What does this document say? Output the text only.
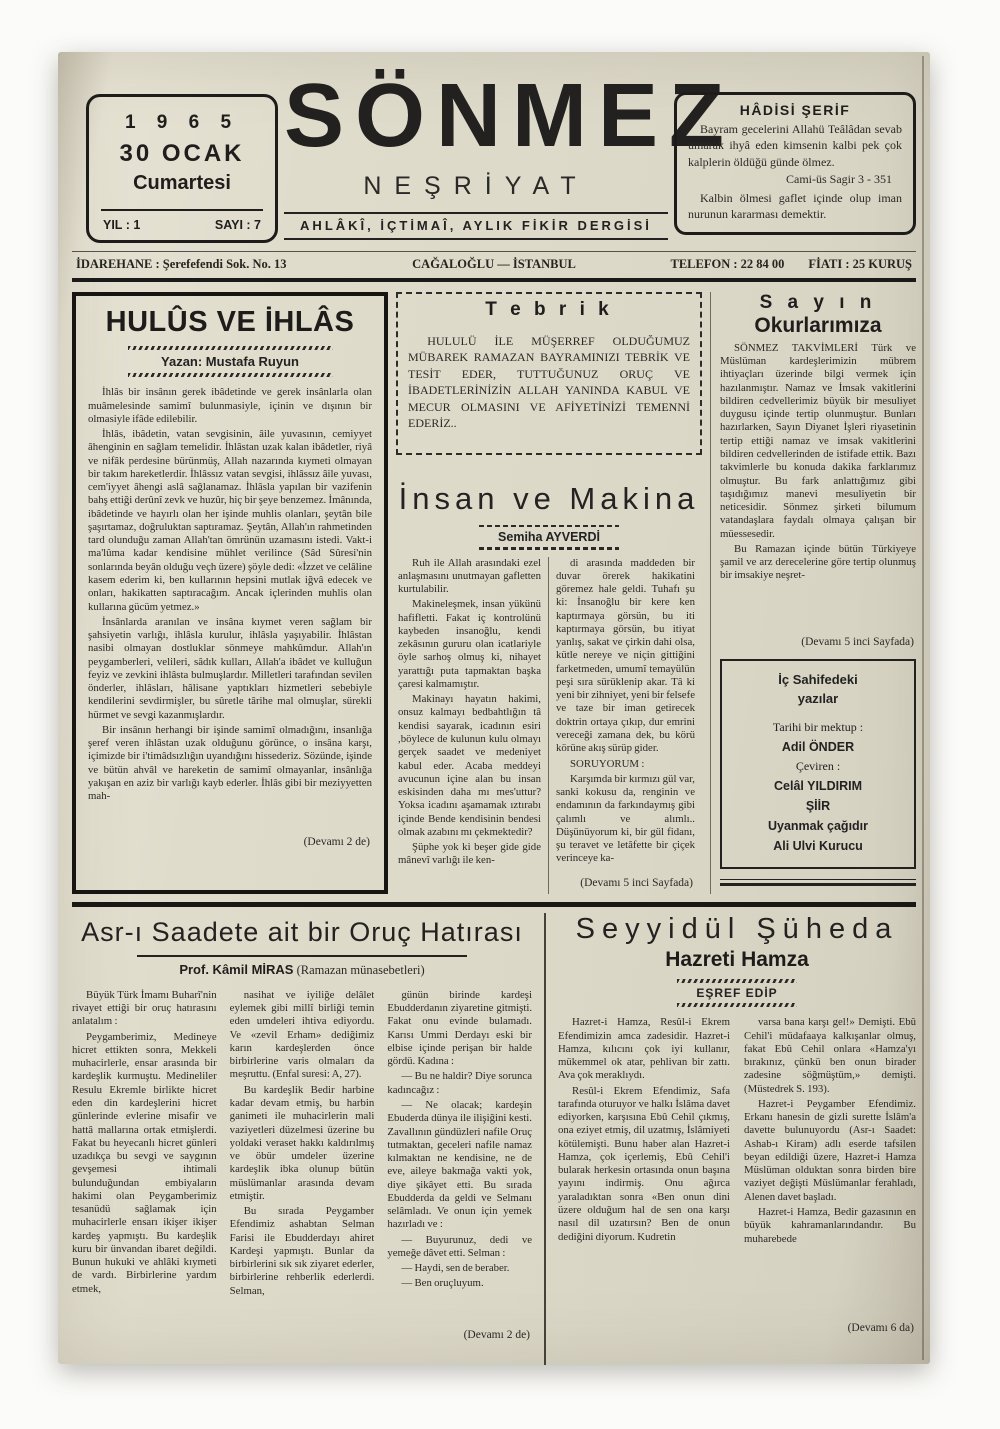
1 9 6 5
30 OCAK
Cumartesi
YIL : 1	SAYI : 7
SÖNMEZ
NEŞRİYAT
AHLÂKÎ, İÇTİMAÎ, AYLIK FİKİR DERGİSİ
HÂDİSİ ŞERİF

Bayram gecelerini Allahü Teâlâdan sevab umarak ihyâ eden kimsenin kalbi pek çok kalplerin öldüğü günde ölmez.

Cami-üs Sagir 3 - 351

Kalbin ölmesi gaflet içinde olup iman nurunun kararması demektir.

İDAREHANE : Şerefefendi Sok. No. 13	CAĞALOĞLU — İSTANBUL	TELEFON : 22 84 00 FİATI : 25 KURUŞ
HULÛS VE İHLÂS
Yazan: Mustafa Ruyun

İhlâs bir insânın gerek ibâdetinde ve gerek insânlarla olan muâmelesinde samimî bulunmasiyle, içinin ve dışının bir olmasiyle ifâde edilebilir.

İhlâs, ibâdetin, vatan sevgisinin, âile yuvasının, cemiyyet âhenginin en sağlam temelidir. İhlâstan uzak kalan ibâdetler, riyâ ve nifâk perdesine bürünmüş, Allah nazarında kıymeti olmayan bir takım hareketlerdir. İhlâssız vatan sevgisi, ihlâssız âile yuvası, cem'iyyet âhengi aslâ sağlanamaz. İhlâsla yapılan bir vazifenin bahş ettiği derûnî zevk ve huzûr, hiç bir şeye benzemez. İmânında, ibâdetinde ve hayırlı olan her işinde muhlis olanları, şeytân bile şaşırtamaz, doğruluktan saptıramaz. Şeytân, Allah'ın rahmetinden tard olunduğu zaman Allah'tan ömrünün uzamasını istedi. Vakt-i ma'lûma kadar kendisine mühlet verilince (Sâd Sûresi'nin sonlarında beyân olduğu veçh üzere) şöyle dedi: «İzzet ve celâline kasem ederim ki, ben kullarının hepsini mutlak iğvâ edecek ve onları, hakikatten saptıracağım. Ancak içlerinden muhlis olan kullarına gücüm yetmez.»

İnsânlarda aranılan ve insâna kıymet veren sağlam bir şahsiyetin varlığı, ihlâsla kurulur, ihlâsla yaşıyabilir. İhlâstan nasibi olmayan dostluklar sönmeye mahkûmdur. Allah'ın peygamberleri, velileri, sâdık kulları, Allah'a ibâdet ve kulluğun feyiz ve zevkini ihlâsta bulmuşlardır. Milletleri tarafından sevilen önderler, ihlâsları, hâlisane yaptıkları hizmetleri sebebiyle kendilerini sevdirmişler, bu sûretle târihe mal olmuşlar, sürekli hürmet ve sevgi kazanmışlardır.

Bir insânın herhangi bir işinde samimî olmadığını, insanlığa şeref veren ihlâstan uzak olduğunu görünce, o insâna karşı, içimizde bir i'timâdsızlığın uyandığını hissederiz. Sözünde, işinde ve bütün ahvâl ve hareketin de samimî olmayanlar, insânlığa yakışan en aziz bir varlığı kayb ederler. İhlâs gibi bir meziyyetten mah-

(Devamı 2 de)
T e b r i k

HULULÜ İLE MÜŞERREF OLDUĞUMUZ MÜBAREK RAMAZAN BAYRAMINIZI TEBRİK VE TESİT EDER, TUTTUĞUNUZ ORUÇ VE İBADETLERİNİZİN ALLAH YANINDA KABUL VE MECUR OLMASINI VE AFİYETİNİZİ TEMENNİ EDERİZ..

İnsan ve Makina
Semiha AYVERDİ

Ruh ile Allah arasındaki ezel anlaşmasını unutmayan gafletten kurtulabilir.

Makineleşmek, insan yükünü hafifletti. Fakat iç kontrolünü kaybeden insanoğlu, kendi zekâsının gururu olan icatlariyle öyle sarhoş olmuş ki, nihayet yarattığı puta tapmaktan başka çaresi kalmamıştır.

Makinayı hayatın hakimi, onsuz kalmayı bedbahtlığın tâ kendisi sayarak, icadının esiri ,böylece de kulunun kulu olmayı gerçek saadet ve medeniyet kabul eder. Acaba meddeyi avucunun içine alan bu insan eskisinden daha mı mes'uttur? Yoksa icadını aşamamak ıztırabı içinde Bende kendisinin bendesi olmak azabını mı çekmektedir?

Şüphe yok ki beşer gide gide mânevî varlığı ile ken-

di arasında maddeden bir duvar örerek hakikatini göremez hale geldi. Tuhafı şu ki: İnsanoğlu bir kere ken kaptırmaya görsün, bu iti kaptırmaya görsün, bu itiyat yanlış, sakat ve çirkin dahi olsa, kütle nereye ve niçin gittiğini farketmeden, umumî temayülün peşi sıra sürüklenip akar. Tâ ki yeni bir zihniyet, yeni bir felsefe ve taze bir iman getirecek doktrin ortaya çıkıp, dur emrini vereceği zamana dek, bu körü körüne akış sürüp gider.

SORUYORUM :

Karşımda bir kırmızı gül var, sanki kokusu da, renginin ve endamının da farkındaymış gibi çalımlı ve alımlı.. Düşünüyorum ki, bir gül fidanı, şu teravet ve letâfette bir çiçek verinceye ka-

(Devamı 5 inci Sayfada)
S a y ı n
Okurlarımıza

SÖNMEZ TAKVİMLERİ Türk ve Müslüman kardeşlerimizin mübrem ihtiyaçları üzerinde bilgi vermek için hazılanmıştır. Namaz ve İmsak vakitlerini bildiren cedvellerimiz büyük bir mesuliyet duygusu içinde tertip olunmuştur. Bunları hazırlarken, Sayın Diyanet İşleri riyasetinin tertip ettiği namaz ve imsak vakitlerini bildiren cedvellerinden de istifade ettik. Bazı takvimlerle bu konuda dakika farklarımız olmuştur. Bu fark anlattığımız gibi taşıdığımız manevi mesuliyetin bir neticesidir. Sönmez şirketi bilumum vatandaşlara faydalı olmaya çalışan bir müessesedir.

Bu Ramazan içinde bütün Türkiyeye şamil ve arz derecelerine göre tertip olunmuş bir imsakiye neşret-

(Devamı 5 inci Sayfada)
İç Sahifedeki
yazılar

Tarihi bir mektup :

Adil ÖNDER

Çeviren :

Celâl YILDIRIM

ŞİİR

Uyanmak çağıdır

Ali Ulvi Kurucu

Asr-ı Saadete ait bir Oruç Hatırası
Prof. Kâmil MİRAS (Ramazan münasebetleri)

Büyük Türk İmamı Buharî'nin rivayet ettiği bir oruç hatırasını anlatalım :

Peygamberimiz, Medineye hicret ettikten sonra, Mekkeli muhacirlerle, ensar arasında bir kardeşlik kurmuştu. Medineliler Resulu Ekremle birlikte hicret eden din kardeşlerini hicret günlerinde evlerine misafir ve hattâ mallarına ortak etmişlerdi. Fakat bu heyecanlı hicret günleri uzadıkça bu sevgi ve saygının gevşemesi ihtimali bulunduğundan embiyaların hakimi olan Peygamberimiz tesanüdü sağlamak için muhacirlerle ensarı ikişer ikişer kardeş yapmıştı. Bu kardeşlik kuru bir ünvandan ibaret değildi. Bunun hukuki ve ahlâki kıymeti de vardı. Birbirlerine yardım etmek,

nasihat ve iyiliğe delâlet eylemek gibi millî birliği temin eden umdeleri ihtiva ediyordu. Ve «zevil Erham» dediğimiz karın kardeşlerden önce birbirlerine varis olmaları da meşruttu. (Enfal suresi: A, 27).

Bu kardeşlik Bedir harbine kadar devam etmiş, bu harbin ganimeti ile muhacirlerin mali vaziyetleri düzelmesi üzerine bu yoldaki veraset hakkı kaldırılmış ve öbür umdeler üzerine kardeşlik ibka olunup bütün müslümanlar arasında devam etmiştir.

Bu sırada Peygamber Efendimiz ashabtan Selman Farisi ile Ebudderdayı ahiret Kardeşi yapmıştı. Bunlar da birbirlerini sık sık ziyaret ederler, birbirlerine rehberlik ederlerdi. Selman,

günün birinde kardeşi Ebudderdanın ziyaretine gitmişti. Fakat onu evinde bulamadı. Karısı Ummi Derdayı eski bir elbise içinde perişan bir halde gördü. Kadına :

— Bu ne haldir? Diye sorunca kadıncağız :

— Ne olacak; kardeşin Ebuderda dünya ile ilişiğini kesti. Zavallının gündüzleri nafile Oruç tutmaktan, geceleri nafile namaz kılmaktan ne kendisine, ne de eve, aileye bakmağa vakti yok, diye şikâyet etti. Bu sırada Ebudderda da geldi ve Selmanı selâmladı. Ve onun için yemek hazırladı ve :

— Buyurunuz, dedi ve yemeğe dâvet etti. Selman :

— Haydi, sen de beraber.

— Ben oruçluyum.

(Devamı 2 de)
Seyyidül Şüheda
Hazreti Hamza
EŞREF EDİP

Hazret-i Hamza, Resûl-i Ekrem Efendimizin amca zadesidir. Hazret-i Hamza, kılıcını çok iyi kullanır, mükemmel ok atar, pehlivan bir zattı. Ava çok meraklıydı.

Resûl-i Ekrem Efendimiz, Safa tarafında oturuyor ve halkı İslâma davet ediyorken, karşısına Ebû Cehil çıkmış, ona eziyet etmiş, dil uzatmış, İslâmiyeti kötülemişti. Bunu haber alan Hazret-i Hamza, çok içerlemiş, Ebû Cehil'i bularak herkesin ortasında onun başına yayını indirmiş. Onu ağırca yaraladıktan sonra «Ben onun dini üzere olduğum hal de sen ona karşı nasıl dil uzatırsın? Ben de onun dediğini diyorum. Kudretin

varsa bana karşı gel!» Demişti. Ebû Cehil'i müdafaaya kalkışanlar olmuş, fakat Ebû Cehil onlara «Hamza'yı bırakınız, çünkü ben onun birader zadesine söğmüştüm,» demişti. (Müstedrek S. 193).

Hazret-i Peygamber Efendimiz. Erkanı hanesin de gizli surette İslâm'a davette bulunuyordu (Asr-ı Saadet: Ashab-ı Kiram) adlı eserde tafsilen beyan edildiği üzere, Hazret-i Hamza Müslüman olduktan sonra birden bire vaziyet değişti Müslümanlar ferahladı, Alenen davet başladı.

Hazret-i Hamza, Bedir gazasının en büyük kahramanlarındandır. Bu muharebede

(Devamı 6 da)
